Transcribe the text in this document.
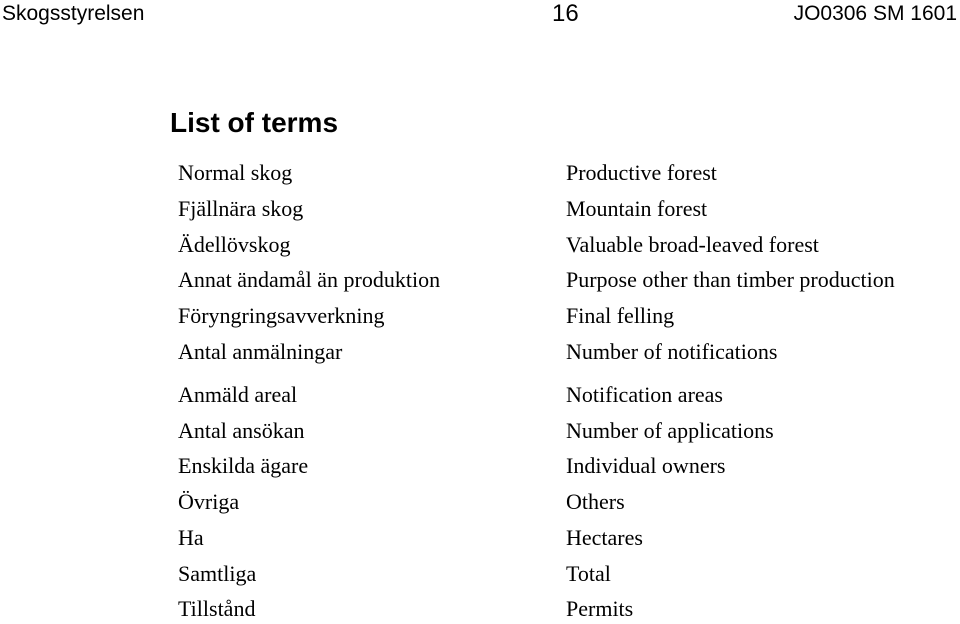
Skogsstyrelsen	16	JO0306 SM 1601
List of terms
Normal skog	Productive forest
Fjällnära skog	Mountain forest
Ädellövskog	Valuable broad-leaved forest
Annat ändamål än produktion	Purpose other than timber production
Föryngringsavverkning	Final felling
Antal anmälningar	Number of notifications
Anmäld areal	Notification areas
Antal ansökan	Number of applications
Enskilda ägare	Individual owners
Övriga	Others
Ha	Hectares
Samtliga	Total
Tillstånd	Permits
